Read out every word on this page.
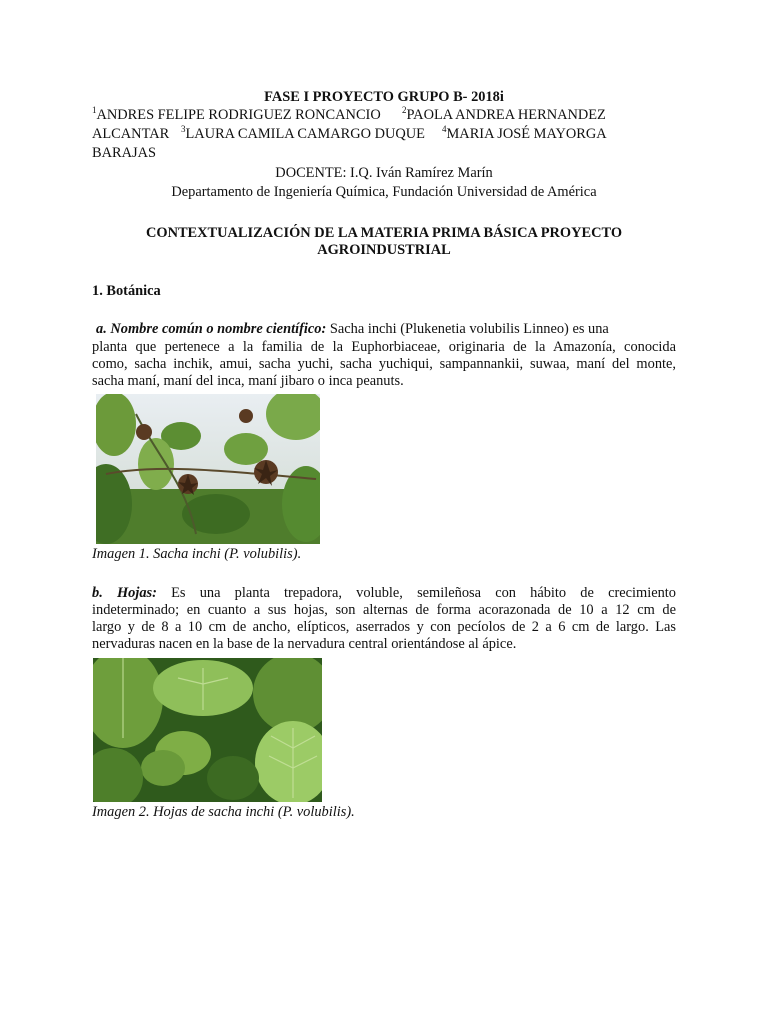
FASE I PROYECTO GRUPO B- 2018i

$^1$ANDRES FELIPE RODRIGUEZ RONCANCIO $^2$PAOLA ANDREA HERNANDEZ

ALCANTAR $^3$LAURA CAMILA CAMARGO DUQUE $^4$MARIA JOSÉ MAYORGA

BARAJAS

DOCENTE: I.Q. Iván Ramírez Marín

Departamento de Ingeniería Química, Fundación Universidad de América

CONTEXTUALIZACIÓN DE LA MATERIA PRIMA BÁSICA PROYECTO

AGROINDUSTRIAL

1. Botánica

a. Nombre común o nombre científico: Sacha inchi (Plukenetia volubilis Linneo) es una

planta que pertenece a la familia de la Euphorbiaceae, originaria de la Amazonía, conocida

como, sacha inchik, amui, sacha yuchi, sacha yuchiqui, sampannankii, suwaa, maní del monte,

sacha maní, maní del inca, maní jibaro o inca peanuts.

Imagen 1. Sacha inchi (P. volubilis).

b. Hojas: Es una planta trepadora, voluble, semileñosa con hábito de crecimiento

indeterminado; en cuanto a sus hojas, son alternas de forma acorazonada de 10 a 12 cm de

largo y de 8 a 10 cm de ancho, elípticos, aserrados y con pecíolos de 2 a 6 cm de largo. Las

nervaduras nacen en la base de la nervadura central orientándose al ápice.

Imagen 2. Hojas de sacha inchi (P. volubilis).
